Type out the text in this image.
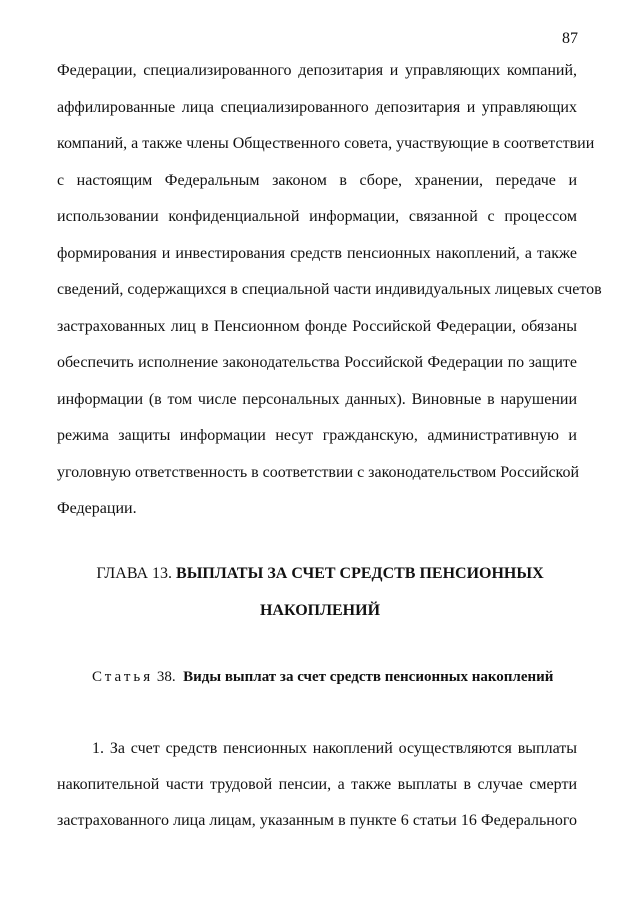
87
Федерации, специализированного депозитария и управляющих компаний,
аффилированные лица специализированного депозитария и управляющих
компаний, а также члены Общественного совета, участвующие в соответствии
с настоящим Федеральным законом в сборе, хранении, передаче и
использовании конфиденциальной информации, связанной с процессом
формирования и инвестирования средств пенсионных накоплений, а также
сведений, содержащихся в специальной части индивидуальных лицевых счетов
застрахованных лиц в Пенсионном фонде Российской Федерации, обязаны
обеспечить исполнение законодательства Российской Федерации по защите
информации (в том числе персональных данных). Виновные в нарушении
режима защиты информации несут гражданскую, административную и
уголовную ответственность в соответствии с законодательством Российской
Федерации.
ГЛАВА 13. ВЫПЛАТЫ ЗА СЧЕТ СРЕДСТВ ПЕНСИОННЫХ
НАКОПЛЕНИЙ
Статья 38. Виды выплат за счет средств пенсионных накоплений
1. За счет средств пенсионных накоплений осуществляются выплаты
накопительной части трудовой пенсии, а также выплаты в случае смерти
застрахованного лица лицам, указанным в пункте 6 статьи 16 Федерального
